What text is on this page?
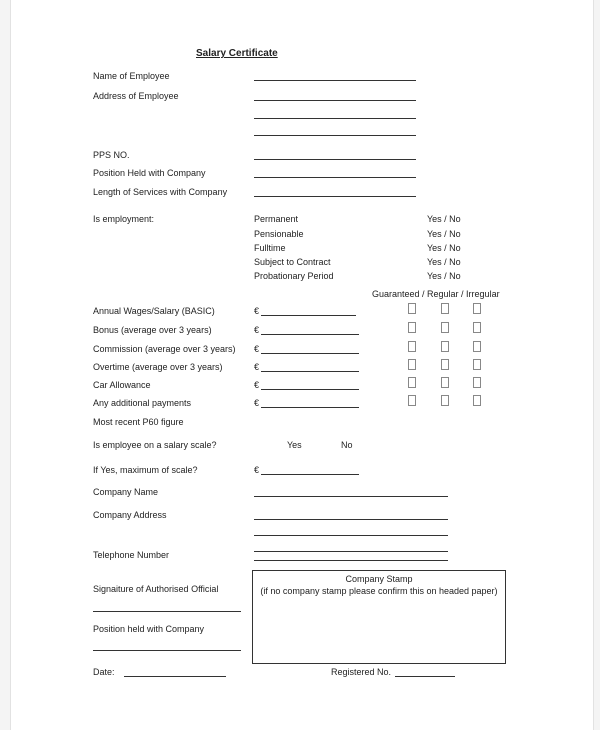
Salary Certificate
Name of Employee
Address of Employee
PPS NO.
Position Held with Company
Length of Services with Company
Is employment:	Permanent	Yes / No
Pensionable	Yes / No
Fulltime	Yes / No
Subject to Contract	Yes / No
Probationary Period	Yes / No
Guaranteed / Regular / Irregular
Annual Wages/Salary (BASIC)	€
Bonus (average over 3 years)	€
Commission (average over 3 years) €
Overtime (average over 3 years)	€
Car Allowance	€
Any additional payments	€
Most recent P60 figure
Is employee on a salary scale?	Yes	No
If Yes, maximum of scale?	€
Company Name
Company Address
Telephone Number
Signaiture of Authorised Official
Position held with Company
Company Stamp
(if no company stamp please confirm this on headed paper)
Date:	Registered No.
